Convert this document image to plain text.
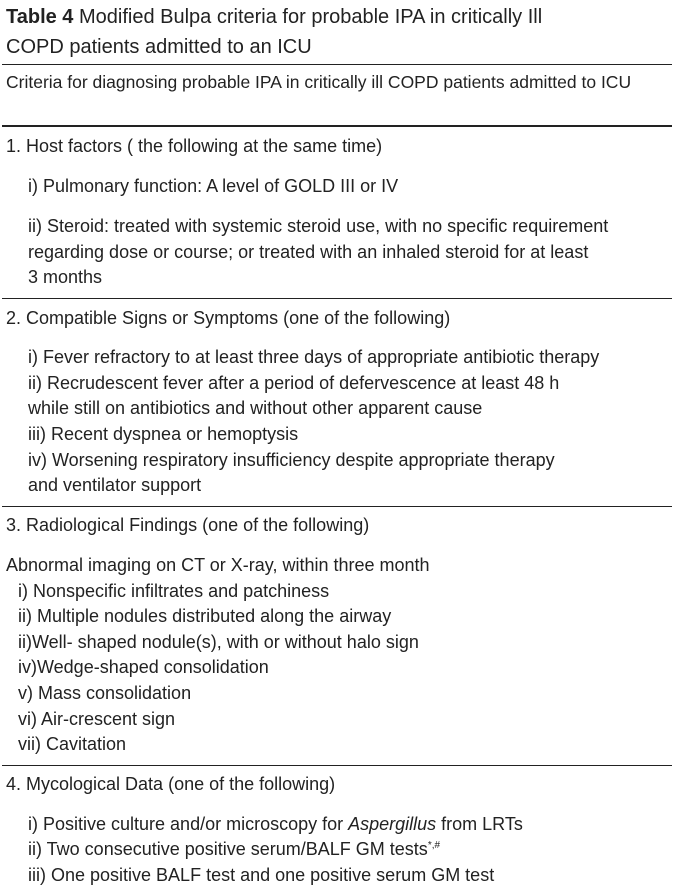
Table 4 Modified Bulpa criteria for probable IPA in critically Ill
COPD patients admitted to an ICU
Criteria for diagnosing probable IPA in critically ill COPD patients admitted to ICU
1. Host factors ( the following at the same time)
i) Pulmonary function: A level of GOLD III or IV
ii) Steroid: treated with systemic steroid use, with no specific requirement
regarding dose or course; or treated with an inhaled steroid for at least
3 months
2. Compatible Signs or Symptoms (one of the following)
i) Fever refractory to at least three days of appropriate antibiotic therapy
ii) Recrudescent fever after a period of defervescence at least 48 h
while still on antibiotics and without other apparent cause
iii) Recent dyspnea or hemoptysis
iv) Worsening respiratory insufficiency despite appropriate therapy
and ventilator support
3. Radiological Findings (one of the following)
Abnormal imaging on CT or X-ray, within three month
i) Nonspecific infiltrates and patchiness
ii) Multiple nodules distributed along the airway
ii)Well- shaped nodule(s), with or without halo sign
iv)Wedge-shaped consolidation
v) Mass consolidation
vi) Air-crescent sign
vii) Cavitation
4. Mycological Data (one of the following)
i) Positive culture and/or microscopy for Aspergillus from LRTs
ii) Two consecutive positive serum/BALF GM tests*,#
iii) One positive BALF test and one positive serum GM test
